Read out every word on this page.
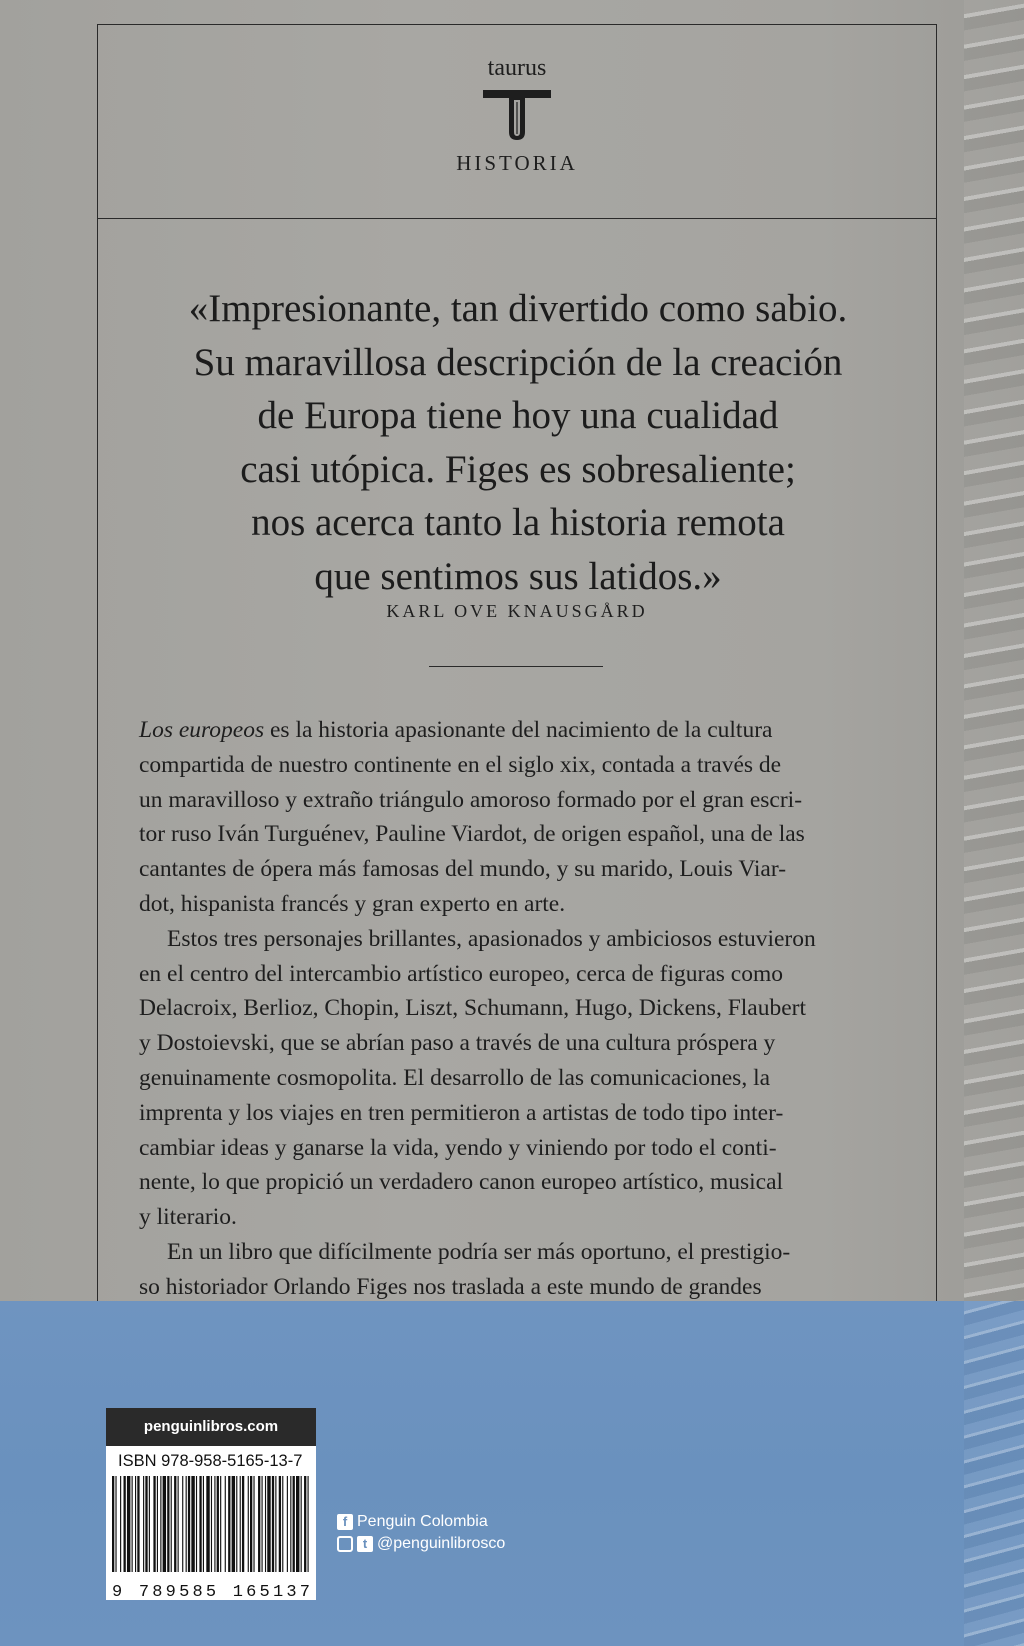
taurus
HISTORIA
«Impresionante, tan divertido como sabio.
Su maravillosa descripción de la creación
de Europa tiene hoy una cualidad
casi utópica. Figes es sobresaliente;
nos acerca tanto la historia remota
que sentimos sus latidos.»
KARL OVE KNAUSGÅRD
Los europeos es la historia apasionante del nacimiento de la cultura
compartida de nuestro continente en el siglo xix, contada a través de
un maravilloso y extraño triángulo amoroso formado por el gran escri-
tor ruso Iván Turguénev, Pauline Viardot, de origen español, una de las
cantantes de ópera más famosas del mundo, y su marido, Louis Viar-
dot, hispanista francés y gran experto en arte.
Estos tres personajes brillantes, apasionados y ambiciosos estuvieron
en el centro del intercambio artístico europeo, cerca de figuras como
Delacroix, Berlioz, Chopin, Liszt, Schumann, Hugo, Dickens, Flaubert
y Dostoievski, que se abrían paso a través de una cultura próspera y
genuinamente cosmopolita. El desarrollo de las comunicaciones, la
imprenta y los viajes en tren permitieron a artistas de todo tipo inter-
cambiar ideas y ganarse la vida, yendo y viniendo por todo el conti-
nente, lo que propició un verdadero canon europeo artístico, musical
y literario.
En un libro que difícilmente podría ser más oportuno, el prestigio-
so historiador Orlando Figes nos traslada a este mundo de grandes
penguinlibros.com
ISBN 978-958-5165-13-7
9 789585 165137
f Penguin Colombia
t @penguinlibrosco
